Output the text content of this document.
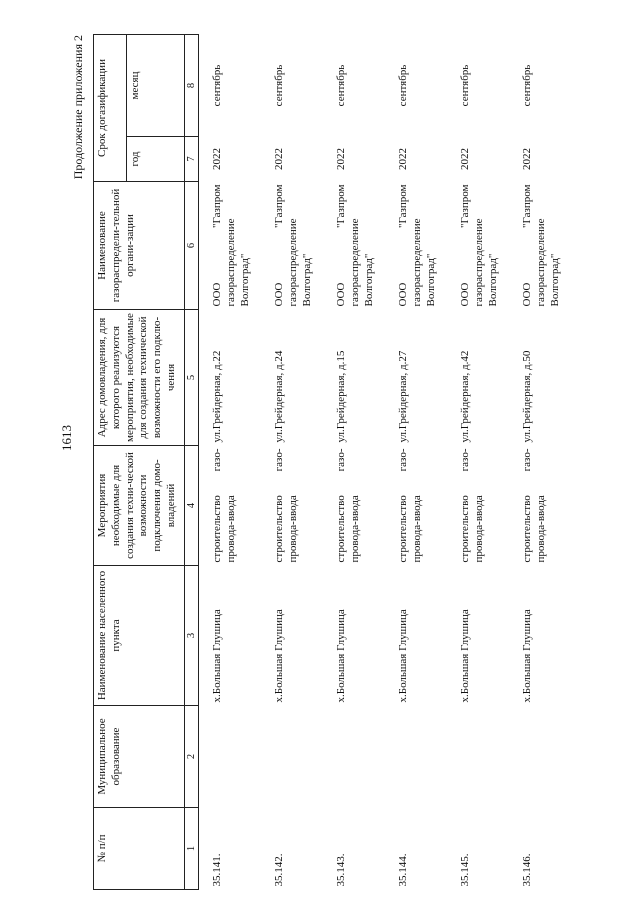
1613
Продолжение приложения 2
№ п/п	Муниципальное образование	Наименование населенного пункта	Мероприятия необходимые для создания техни-ческой возможности подключения домо-владений	Адрес домовладения, для которого реализуются мероприятия, необходимые для создания технической возможности его подклю-чения	Наименование газораспредели-тельной органи-зации	Срок догазификации	
						год	месяц
1	2	3	4	5	6	7	8
35.141.		х.Большая Глушица	строительство газо-провода-ввода	ул.Грейдерная, д.22	ООО "Газпром газораспределение Волгоград"	2022	сентябрь
35.142.		х.Большая Глушица	строительство газо-провода-ввода	ул.Грейдерная, д.24	ООО "Газпром газораспределение Волгоград"	2022	сентябрь
35.143.		х.Большая Глушица	строительство газо-провода-ввода	ул.Грейдерная, д.15	ООО "Газпром газораспределение Волгоград"	2022	сентябрь
35.144.		х.Большая Глушица	строительство газо-провода-ввода	ул.Грейдерная, д.27	ООО "Газпром газораспределение Волгоград"	2022	сентябрь
35.145.		х.Большая Глушица	строительство газо-провода-ввода	ул.Грейдерная, д.42	ООО "Газпром газораспределение Волгоград"	2022	сентябрь
35.146.		х.Большая Глушица	строительство газо-провода-ввода	ул.Грейдерная, д.50	ООО "Газпром газораспределение Волгоград"	2022	сентябрь
